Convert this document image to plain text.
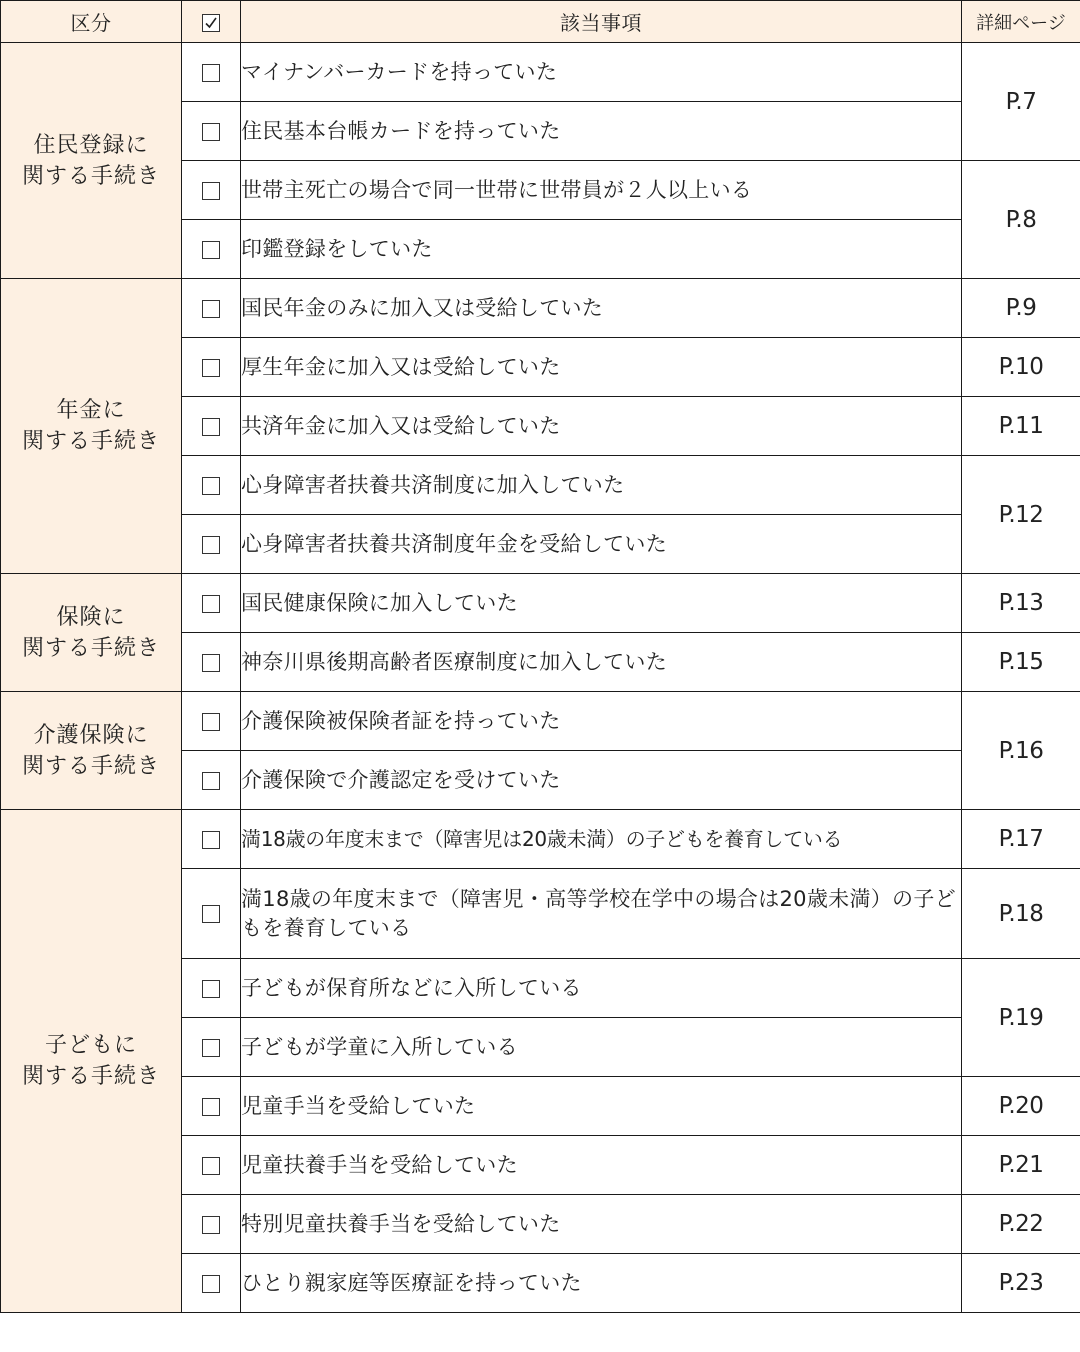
区分		該当事項	詳細ページ

住民登録に
関する手続き		マイナンバーカードを持っていた	P.7
		住民基本台帳カードを持っていた	
		世帯主死亡の場合で同一世帯に世帯員が２人以上いる	P.8
		印鑑登録をしていた	

年金に
関する手続き		国民年金のみに加入又は受給していた	P.9
		厚生年金に加入又は受給していた	P.10
		共済年金に加入又は受給していた	P.11
		心身障害者扶養共済制度に加入していた	P.12
		心身障害者扶養共済制度年金を受給していた	

保険に
関する手続き		国民健康保険に加入していた	P.13
		神奈川県後期高齢者医療制度に加入していた	P.15

介護保険に
関する手続き		介護保険被保険者証を持っていた	P.16
		介護保険で介護認定を受けていた	

子どもに
関する手続き		満18歳の年度末まで（障害児は20歳未満）の子どもを養育している	P.17
		満18歳の年度末まで（障害児・高等学校在学中の場合は20歳未満）の子どもを養育している	P.18
		子どもが保育所などに入所している	P.19
		子どもが学童に入所している	
		児童手当を受給していた	P.20
		児童扶養手当を受給していた	P.21
		特別児童扶養手当を受給していた	P.22
		ひとり親家庭等医療証を持っていた	P.23
